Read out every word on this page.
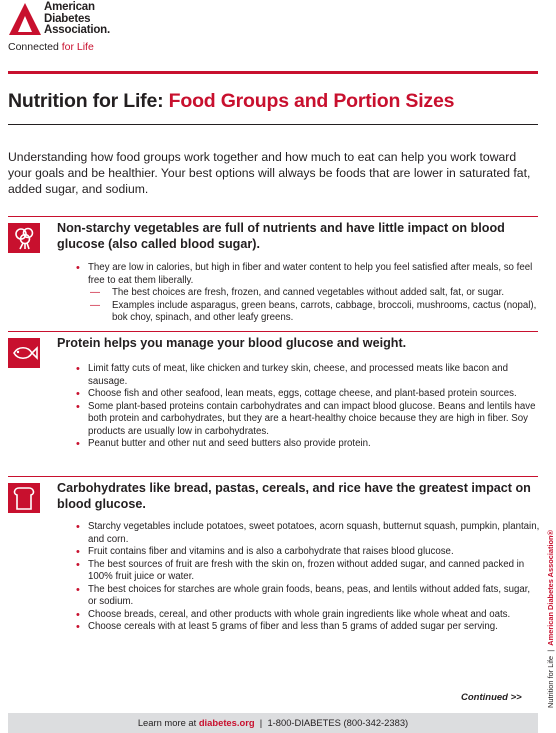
American
Diabetes
Association.
Connected for Life
Nutrition for Life: Food Groups and Portion Sizes
Understanding how food groups work together and how much to eat can help you work toward your goals and be healthier. Your best options will always be foods that are lower in saturated fat, added sugar, and sodium.
Non-starchy vegetables are full of nutrients and have little impact on blood glucose (also called blood sugar).
• They are low in calories, but high in fiber and water content to help you feel satisfied after meals, so feel free to eat them liberally.
— The best choices are fresh, frozen, and canned vegetables without added salt, fat, or sugar.
— Examples include asparagus, green beans, carrots, cabbage, broccoli, mushrooms, cactus (nopal), bok choy, spinach, and other leafy greens.
Protein helps you manage your blood glucose and weight.
• Limit fatty cuts of meat, like chicken and turkey skin, cheese, and processed meats like bacon and sausage.
• Choose fish and other seafood, lean meats, eggs, cottage cheese, and plant-based protein sources.
• Some plant-based proteins contain carbohydrates and can impact blood glucose. Beans and lentils have both protein and carbohydrates, but they are a heart-healthy choice because they are high in fiber. Soy products are usually low in carbohydrates.
• Peanut butter and other nut and seed butters also provide protein.
Carbohydrates like bread, pastas, cereals, and rice have the greatest impact on blood glucose.
• Starchy vegetables include potatoes, sweet potatoes, acorn squash, butternut squash, pumpkin, plantain, and corn.
• Fruit contains fiber and vitamins and is also a carbohydrate that raises blood glucose.
• The best sources of fruit are fresh with the skin on, frozen without added sugar, and canned packed in 100% fruit juice or water.
• The best choices for starches are whole grain foods, beans, peas, and lentils without added fats, sugar, or sodium.
• Choose breads, cereal, and other products with whole grain ingredients like whole wheat and oats.
• Choose cereals with at least 5 grams of fiber and less than 5 grams of added sugar per serving.
Continued >>
Learn more at diabetes.org | 1-800-DIABETES (800-342-2383)
Nutrition for Life  |  American Diabetes Association®
